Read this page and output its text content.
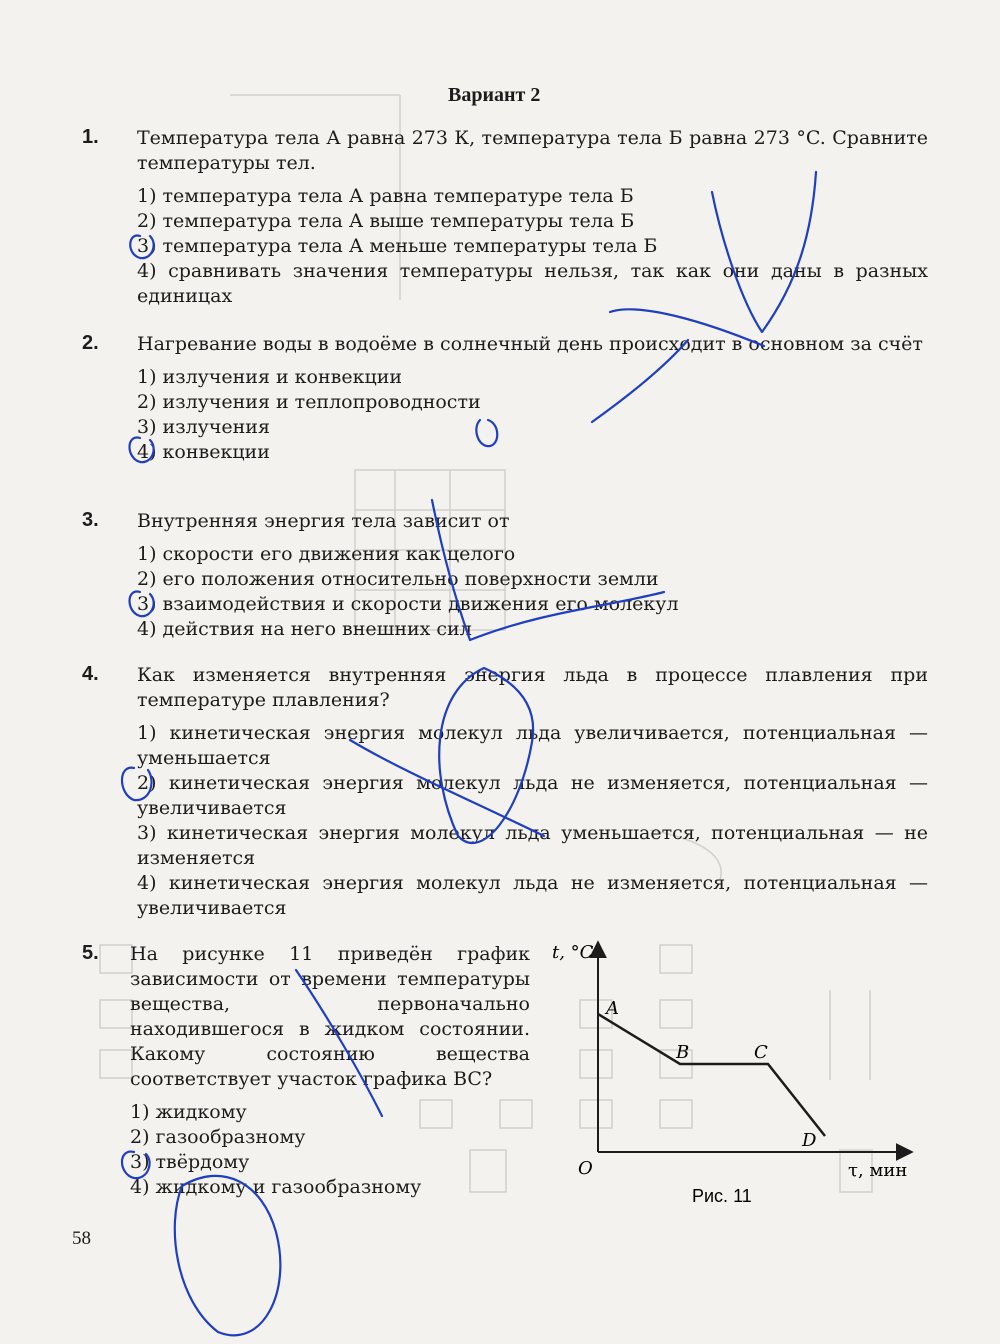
Вариант 2
1. Температура тела А равна 273 К, температура тела Б равна 273 °C. Сравните температуры тел.

1) температура тела А равна температуре тела Б

2) температура тела А выше температуры тела Б

3) температура тела А меньше температуры тела Б

4) сравнивать значения температуры нельзя, так как они даны в разных единицах

2. Нагревание воды в водоёме в солнечный день происходит в основном за счёт

1) излучения и конвекции

2) излучения и теплопроводности

3) излучения

4) конвекции

3. Внутренняя энергия тела зависит от

1) скорости его движения как целого

2) его положения относительно поверхности земли

3) взаимодействия и скорости движения его молекул

4) действия на него внешних сил

4. Как изменяется внутренняя энергия льда в процессе плавления при температуре плавления?

1) кинетическая энергия молекул льда увеличивается, потенциальная — уменьшается

2) кинетическая энергия молекул льда не изменяется, потенциальная — увеличивается

3) кинетическая энергия молекул льда уменьшается, потенциальная — не изменяется

4) кинетическая энергия молекул льда не изменяется, потенциальная — увеличивается

5. На рисунке 11 приведён график зависимости от времени температуры вещества, первоначально находившегося в жидком состоянии. Какому состоянию вещества соответствует участок графика BC?

1) жидкому

2) газообразному

3) твёрдому

4) жидкому и газообразному

t, °C
τ, мин
O
A
B	C
D
Рис. 11
58
